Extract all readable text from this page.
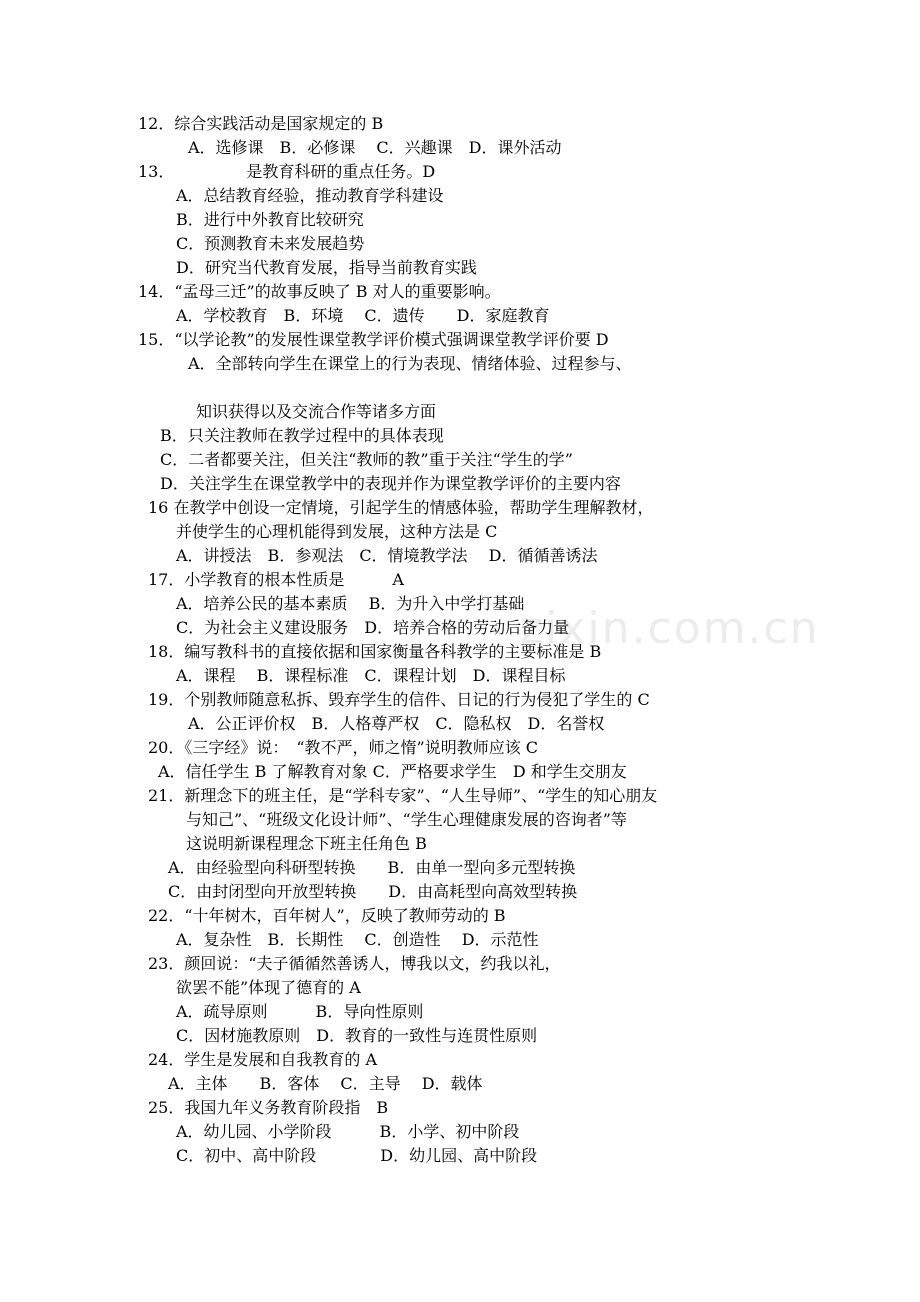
zixin.com.cn
12．综合实践活动是国家规定的 B
A．选修课　B．必修课　 C．兴趣课　D．课外活动
13．　　　　　是教育科研的重点任务。D
A．总结教育经验，推动教育学科建设
B．进行中外教育比较研究
C．预测教育未来发展趋势
D．研究当代教育发展，指导当前教育实践
14．“孟母三迁”的故事反映了 B 对人的重要影响。
A．学校教育　B．环境　 C．遗传　　D．家庭教育
15．“以学论教”的发展性课堂教学评价模式强调课堂教学评价要 D
A．全部转向学生在课堂上的行为表现、情绪体验、过程参与、
知识获得以及交流合作等诸多方面
B．只关注教师在教学过程中的具体表现
C．二者都要关注，但关注“教师的教”重于关注“学生的学”
D．关注学生在课堂教学中的表现并作为课堂教学评价的主要内容
16 在教学中创设一定情境，引起学生的情感体验，帮助学生理解教材，
并使学生的心理机能得到发展，这种方法是 C
A．讲授法　B．参观法　C．情境教学法　 D．循循善诱法
17．小学教育的根本性质是　　　A
A．培养公民的基本素质　 B．为升入中学打基础
C．为社会主义建设服务　D．培养合格的劳动后备力量
18．编写教科书的直接依据和国家衡量各科教学的主要标准是 B
A．课程　 B．课程标准　C．课程计划　D．课程目标
19．个别教师随意私拆、毁弃学生的信件、日记的行为侵犯了学生的 C
A．公正评价权　B．人格尊严权　C．隐私权　D．名誉权
20．《三字经》说：　“教不严，师之惰”说明教师应该 C
A．信任学生 B 了解教育对象 C．严格要求学生　D 和学生交朋友
21．新理念下的班主任，是“学科专家”、“人生导师”、“学生的知心朋友
与知己”、“班级文化设计师”、“学生心理健康发展的咨询者”等
这说明新课程理念下班主任角色 B
A．由经验型向科研型转换　　B．由单一型向多元型转换
C．由封闭型向开放型转换　　D．由高耗型向高效型转换
22．“十年树木，百年树人”，反映了教师劳动的 B
A．复杂性　B．长期性　 C．创造性　 D．示范性
23．颜回说：“夫子循循然善诱人，博我以文，约我以礼，
欲罢不能”体现了德育的 A
A．疏导原则　　　B．导向性原则
C．因材施教原则　D．教育的一致性与连贯性原则
24．学生是发展和自我教育的 A
A．主体　　B．客体　 C．主导　 D．载体
25．我国九年义务教育阶段指　B
A．幼儿园、小学阶段　　　B．小学、初中阶段
C．初中、高中阶段　　　　D．幼儿园、高中阶段
